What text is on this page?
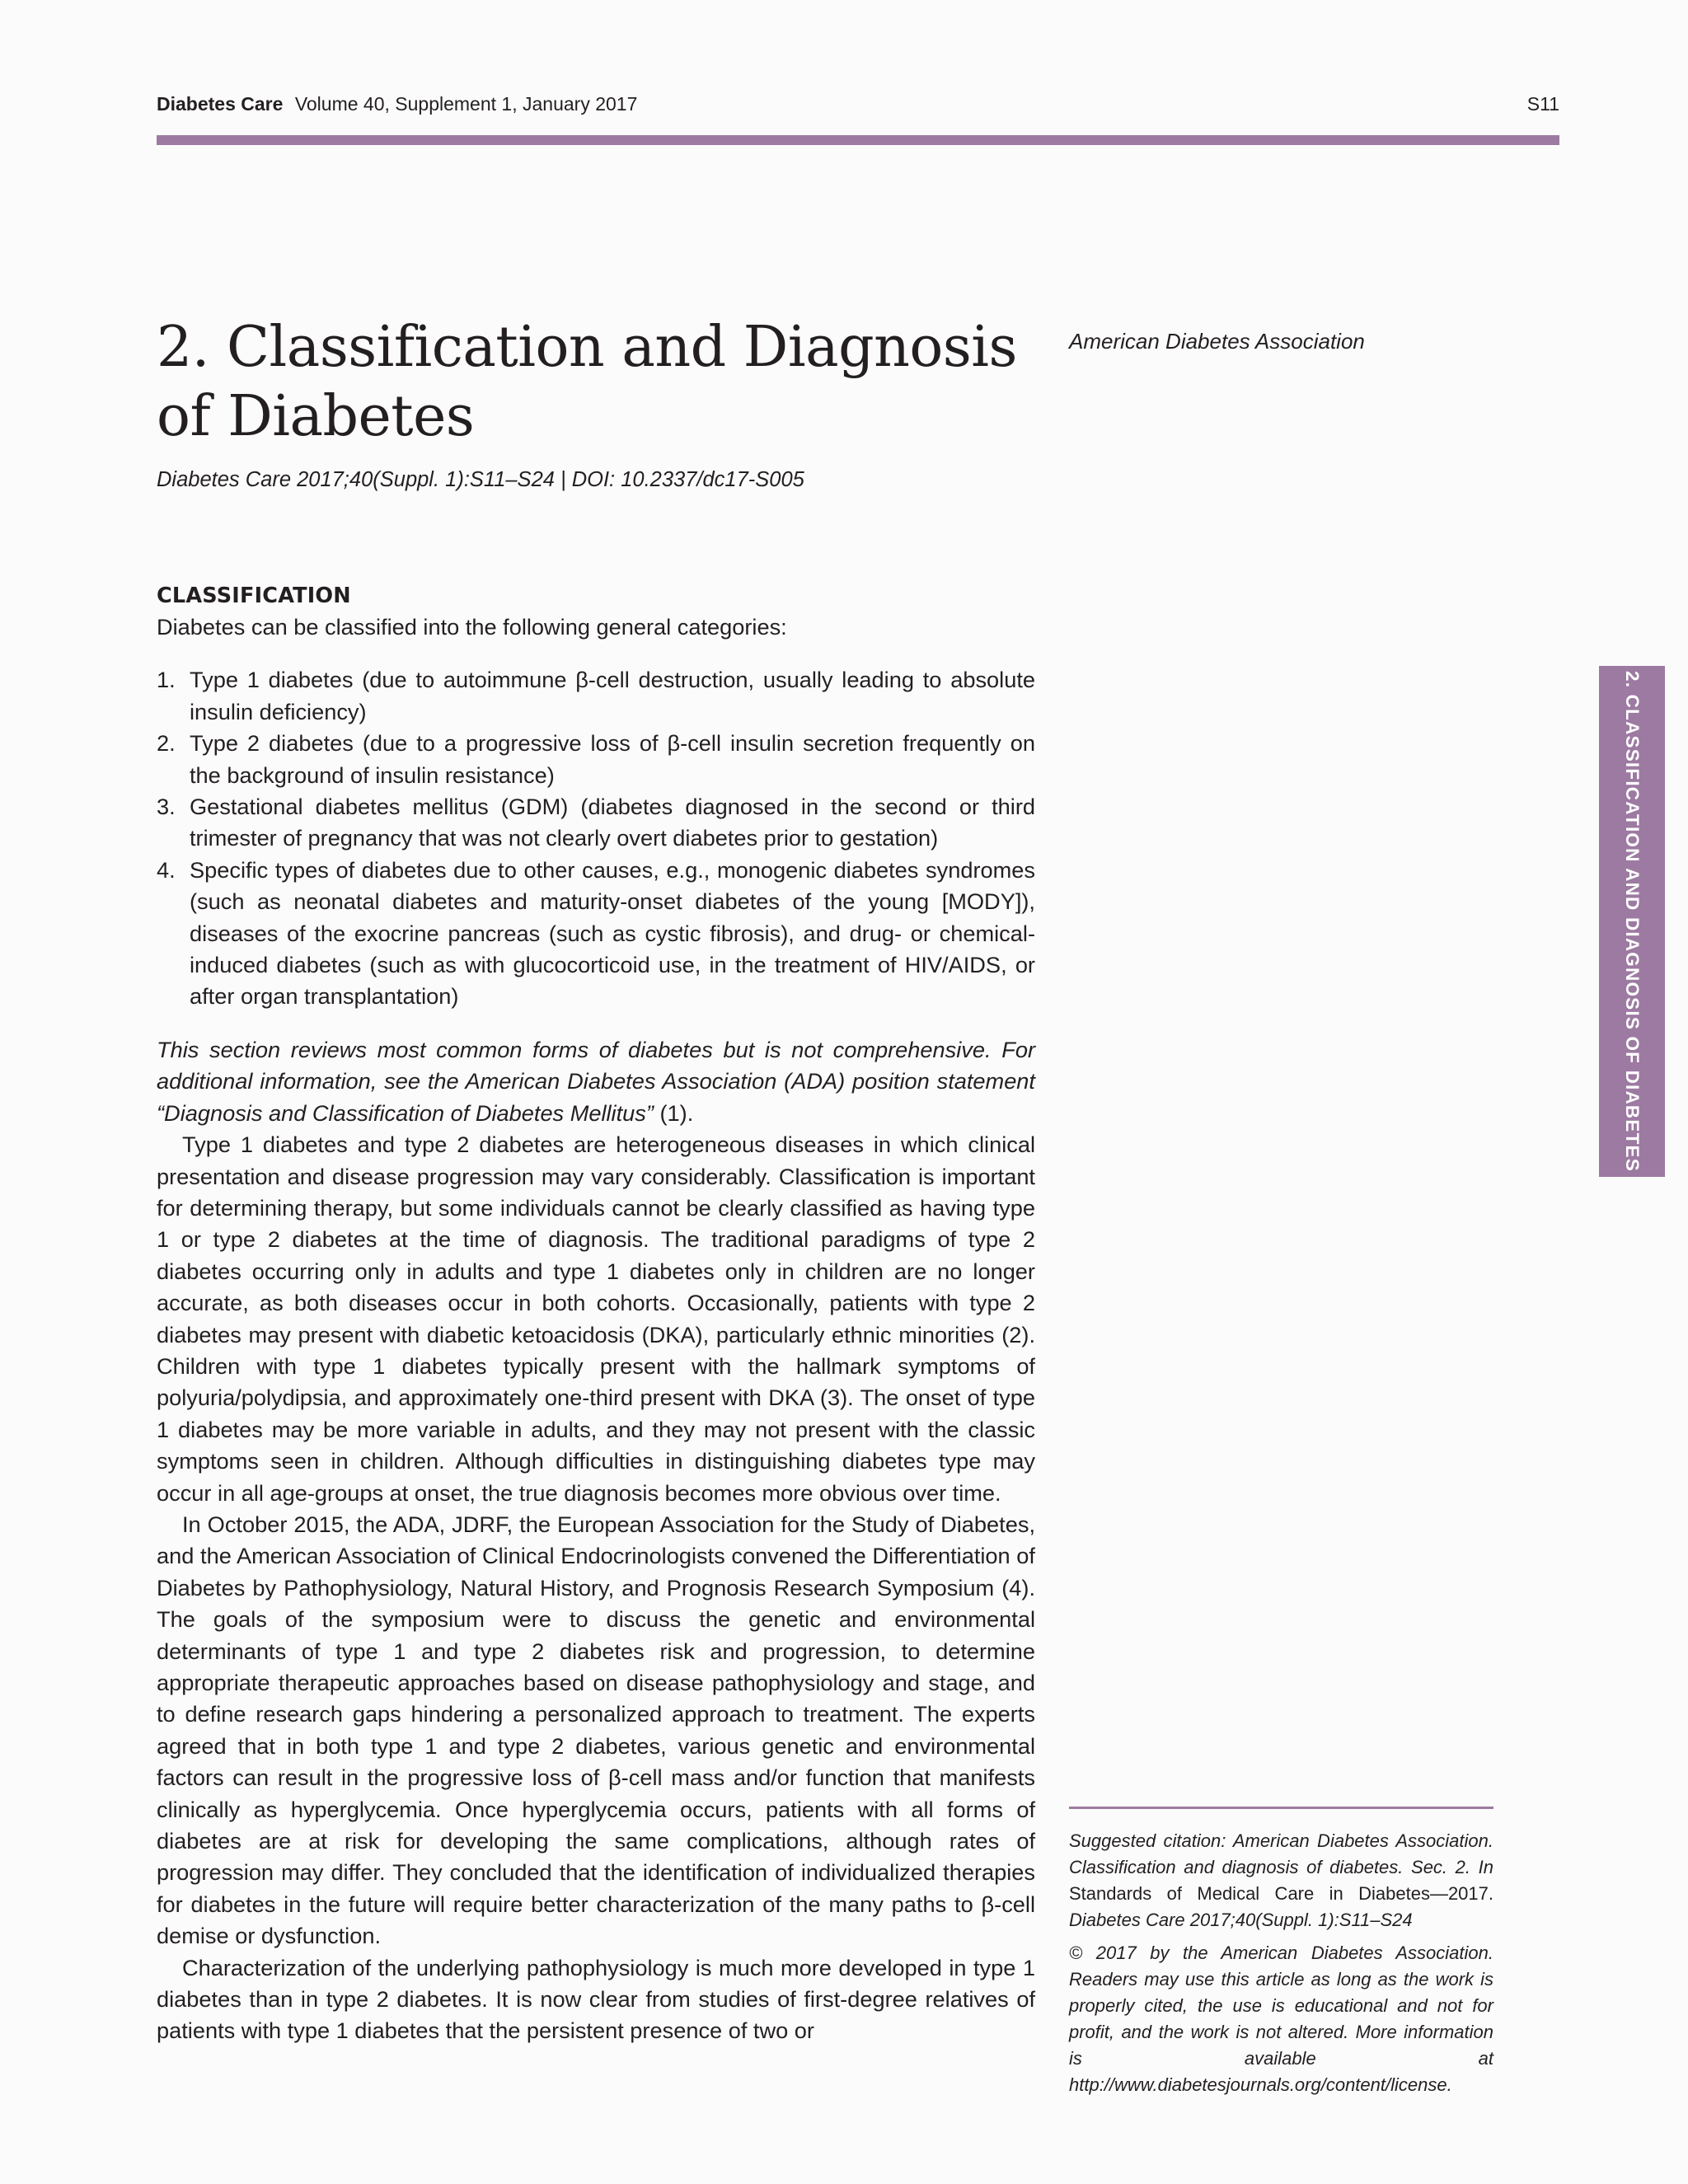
Diabetes Care Volume 40, Supplement 1, January 2017	S11
2. Classification and Diagnosis
of Diabetes
American Diabetes Association
Diabetes Care 2017;40(Suppl. 1):S11–S24 | DOI: 10.2337/dc17-S005
CLASSIFICATION

Diabetes can be classified into the following general categories:

1. Type 1 diabetes (due to autoimmune β-cell destruction, usually leading to absolute insulin deficiency)
2. Type 2 diabetes (due to a progressive loss of β-cell insulin secretion frequently on the background of insulin resistance)
3. Gestational diabetes mellitus (GDM) (diabetes diagnosed in the second or third trimester of pregnancy that was not clearly overt diabetes prior to gestation)
4. Specific types of diabetes due to other causes, e.g., monogenic diabetes syndromes (such as neonatal diabetes and maturity-onset diabetes of the young [MODY]), diseases of the exocrine pancreas (such as cystic fibrosis), and drug- or chemical-induced diabetes (such as with glucocorticoid use, in the treatment of HIV/AIDS, or after organ transplantation)

This section reviews most common forms of diabetes but is not comprehensive. For additional information, see the American Diabetes Association (ADA) position statement “Diagnosis and Classification of Diabetes Mellitus” (1).

Type 1 diabetes and type 2 diabetes are heterogeneous diseases in which clinical presentation and disease progression may vary considerably. Classification is important for determining therapy, but some individuals cannot be clearly classified as having type 1 or type 2 diabetes at the time of diagnosis. The traditional paradigms of type 2 diabetes occurring only in adults and type 1 diabetes only in children are no longer accurate, as both diseases occur in both cohorts. Occasionally, patients with type 2 diabetes may present with diabetic ketoacidosis (DKA), particularly ethnic minorities (2). Children with type 1 diabetes typically present with the hallmark symptoms of polyuria/polydipsia, and approximately one-third present with DKA (3). The onset of type 1 diabetes may be more variable in adults, and they may not present with the classic symptoms seen in children. Although difficulties in distinguishing diabetes type may occur in all age-groups at onset, the true diagnosis becomes more obvious over time.

In October 2015, the ADA, JDRF, the European Association for the Study of Diabetes, and the American Association of Clinical Endocrinologists convened the Differentiation of Diabetes by Pathophysiology, Natural History, and Prognosis Research Symposium (4). The goals of the symposium were to discuss the genetic and environmental determinants of type 1 and type 2 diabetes risk and progression, to determine appropriate therapeutic approaches based on disease pathophysiology and stage, and to define research gaps hindering a personalized approach to treatment. The experts agreed that in both type 1 and type 2 diabetes, various genetic and environmental factors can result in the progressive loss of β-cell mass and/or function that manifests clinically as hyperglycemia. Once hyperglycemia occurs, patients with all forms of diabetes are at risk for developing the same complications, although rates of progression may differ. They concluded that the identification of individualized therapies for diabetes in the future will require better characterization of the many paths to β-cell demise or dysfunction.

Characterization of the underlying pathophysiology is much more developed in type 1 diabetes than in type 2 diabetes. It is now clear from studies of first-degree relatives of patients with type 1 diabetes that the persistent presence of two or

2. CLASSIFICATION AND DIAGNOSIS OF DIABETES

Suggested citation: American Diabetes Association. Classification and diagnosis of diabetes. Sec. 2. In Standards of Medical Care in Diabetes—2017. Diabetes Care 2017;40(Suppl. 1):S11–S24

© 2017 by the American Diabetes Association. Readers may use this article as long as the work is properly cited, the use is educational and not for profit, and the work is not altered. More information is available at http://www.diabetesjournals.org/content/license.
